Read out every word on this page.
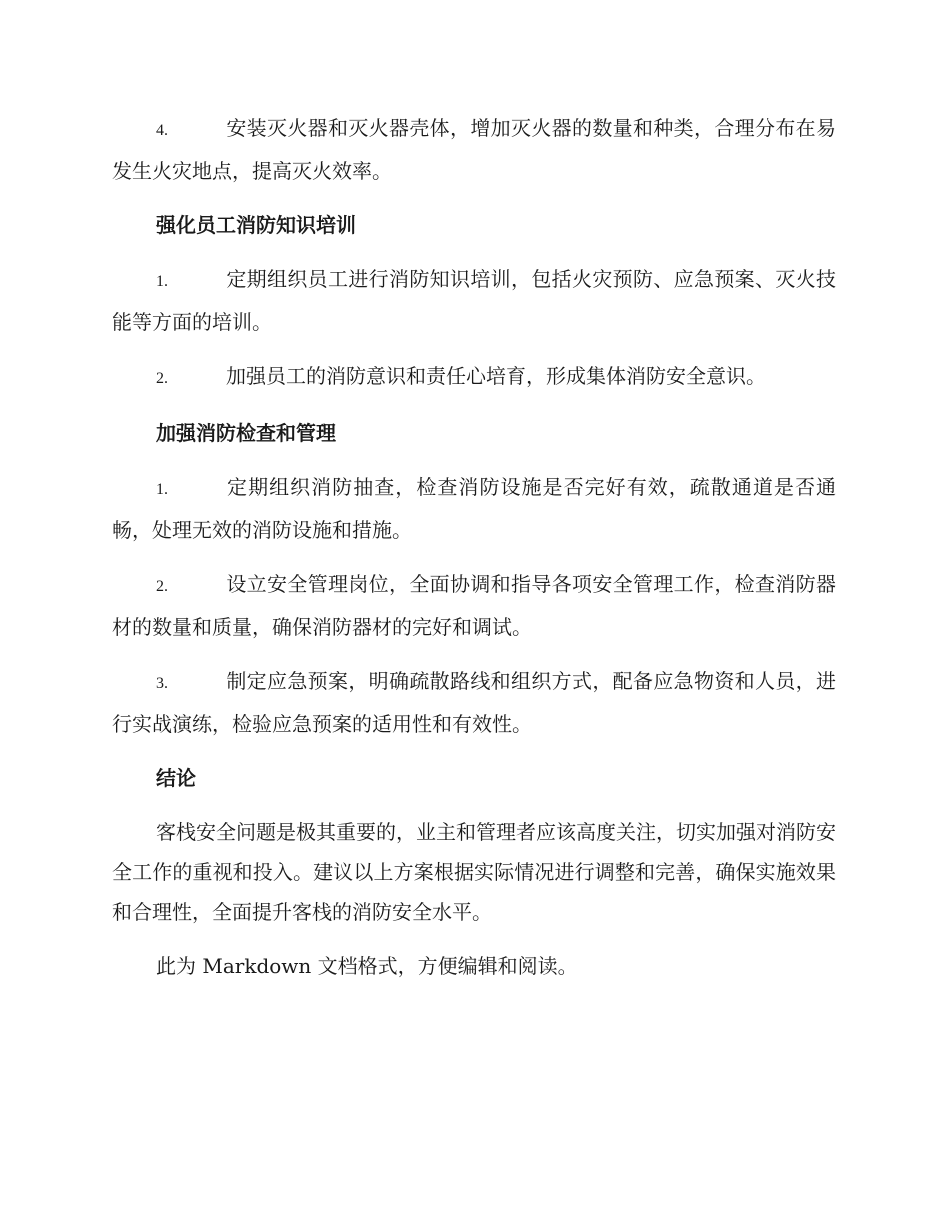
4.	安装灭火器和灭火器壳体，增加灭火器的数量和种类，合理分布在易发生火灾地点，提高灭火效率。

强化员工消防知识培训

1.	定期组织员工进行消防知识培训，包括火灾预防、应急预案、灭火技能等方面的培训。

2.	加强员工的消防意识和责任心培育，形成集体消防安全意识。

加强消防检查和管理

1.	定期组织消防抽查，检查消防设施是否完好有效，疏散通道是否通畅，处理无效的消防设施和措施。

2.	设立安全管理岗位，全面协调和指导各项安全管理工作，检查消防器材的数量和质量，确保消防器材的完好和调试。

3.	制定应急预案，明确疏散路线和组织方式，配备应急物资和人员，进行实战演练，检验应急预案的适用性和有效性。

结论

客栈安全问题是极其重要的，业主和管理者应该高度关注，切实加强对消防安全工作的重视和投入。建议以上方案根据实际情况进行调整和完善，确保实施效果和合理性，全面提升客栈的消防安全水平。

此为 Markdown 文档格式，方便编辑和阅读。
